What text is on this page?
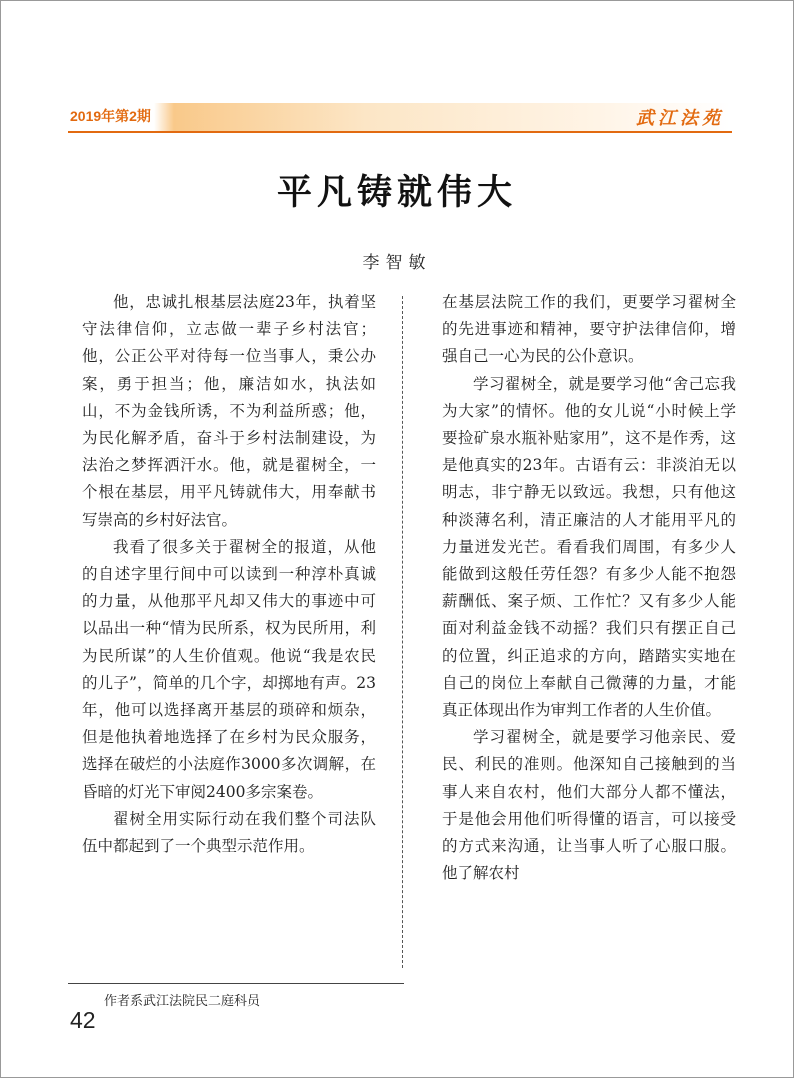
2019年第2期	武江法苑
平凡铸就伟大
李智敏

他，忠诚扎根基层法庭23年，执着坚守法律信仰，立志做一辈子乡村法官；他，公正公平对待每一位当事人，秉公办案，勇于担当；他，廉洁如水，执法如山，不为金钱所诱，不为利益所惑；他，为民化解矛盾，奋斗于乡村法制建设，为法治之梦挥洒汗水。他，就是翟树全，一个根在基层，用平凡铸就伟大，用奉献书写崇高的乡村好法官。

我看了很多关于翟树全的报道，从他的自述字里行间中可以读到一种淳朴真诚的力量，从他那平凡却又伟大的事迹中可以品出一种“情为民所系，权为民所用，利为民所谋”的人生价值观。他说“我是农民的儿子”，简单的几个字，却掷地有声。23年，他可以选择离开基层的琐碎和烦杂，但是他执着地选择了在乡村为民众服务，选择在破烂的小法庭作3000多次调解，在昏暗的灯光下审阅2400多宗案卷。

翟树全用实际行动在我们整个司法队伍中都起到了一个典型示范作用。

在基层法院工作的我们，更要学习翟树全的先进事迹和精神，要守护法律信仰，增强自己一心为民的公仆意识。

学习翟树全，就是要学习他“舍己忘我为大家”的情怀。他的女儿说“小时候上学要捡矿泉水瓶补贴家用”，这不是作秀，这是他真实的23年。古语有云：非淡泊无以明志，非宁静无以致远。我想，只有他这种淡薄名利，清正廉洁的人才能用平凡的力量迸发光芒。看看我们周围，有多少人能做到这般任劳任怨？有多少人能不抱怨薪酬低、案子烦、工作忙？又有多少人能面对利益金钱不动摇？我们只有摆正自己的位置，纠正追求的方向，踏踏实实地在自己的岗位上奉献自己微薄的力量，才能真正体现出作为审判工作者的人生价值。

学习翟树全，就是要学习他亲民、爱民、利民的准则。他深知自己接触到的当事人来自农村，他们大部分人都不懂法，于是他会用他们听得懂的语言，可以接受的方式来沟通，让当事人听了心服口服。他了解农村

作者系武江法院民二庭科员
42
